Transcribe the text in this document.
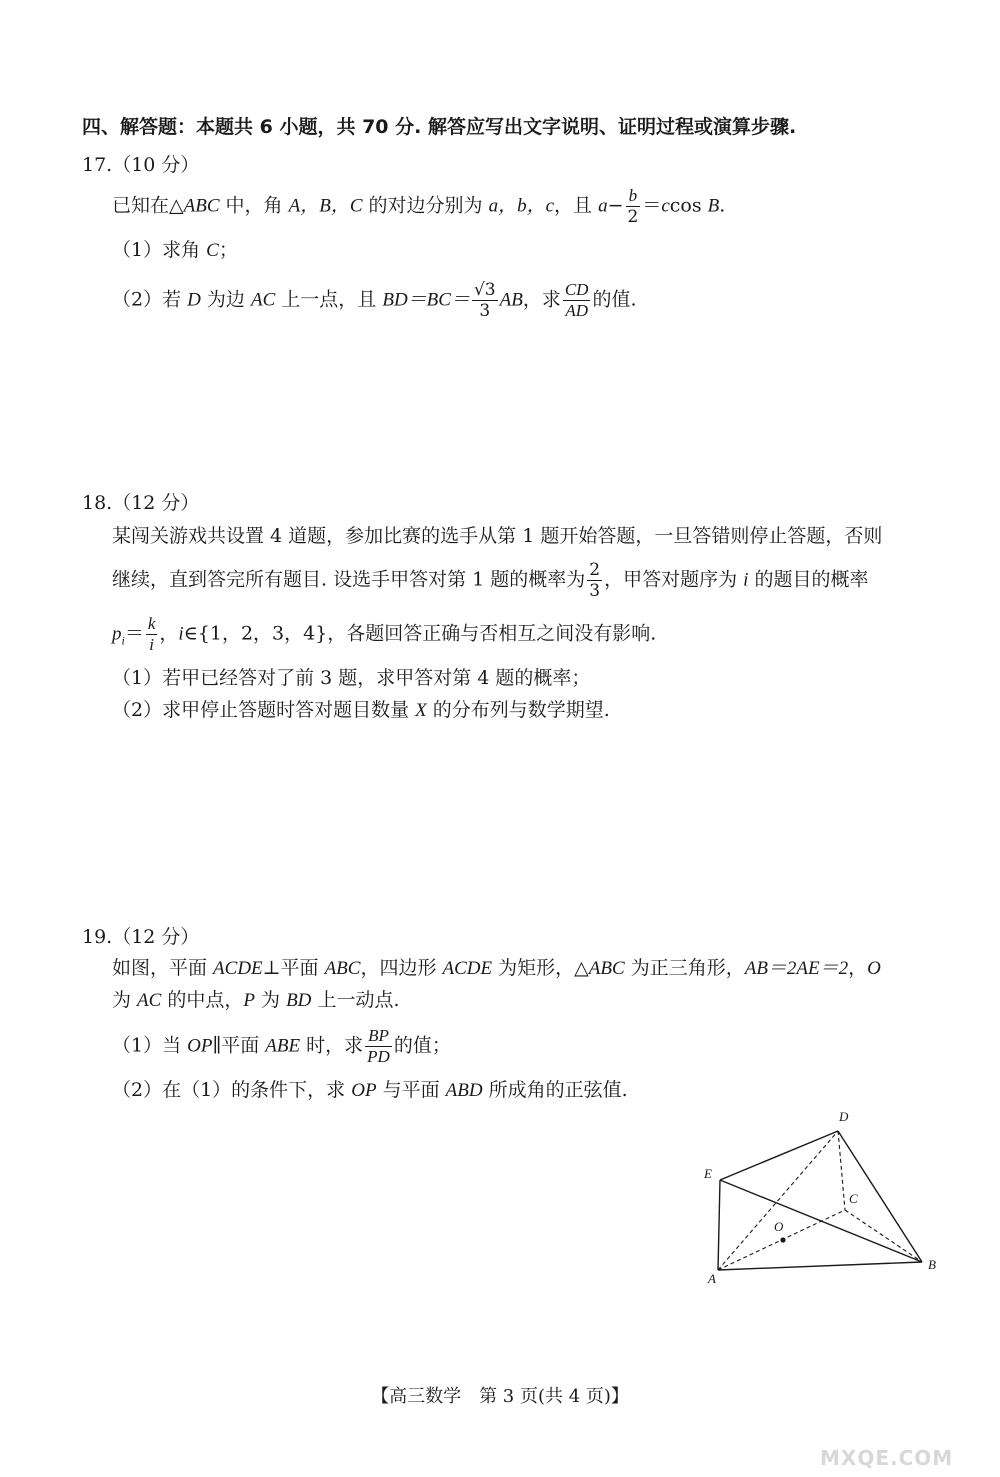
四、解答题：本题共 6 小题，共 70 分. 解答应写出文字说明、证明过程或演算步骤.
17.（10 分）
已知在△ABC 中，角 A，B，C 的对边分别为 a，b，c，且 $a- \frac{b}{2} =ccos$ B.
（1）求角 C；
（2）若 D 为边 AC 上一点，且 $BD=BC= \frac{√3}{3}$ AB，求 $\frac{CD}{AD}$ 的值.
18.（12 分）
某闯关游戏共设置 4 道题，参加比赛的选手从第 1 题开始答题，一旦答错则停止答题，否则
继续，直到答完所有题目. 设选手甲答对第 1 题的概率为 $\frac{2}{3}$ ，甲答对题序为 i 的题目的概率
$p_i= \frac{k}{i}$ ，i∈{1，2，3，4}，各题回答正确与否相互之间没有影响.
（1）若甲已经答对了前 3 题，求甲答对第 4 题的概率；
（2）求甲停止答题时答对题目数量 X 的分布列与数学期望.
19.（12 分）
如图，平面 ACDE⊥平面 ABC，四边形 ACDE 为矩形，△ABC 为正三角形，AB＝2AE＝2，O
为 AC 的中点，P 为 BD 上一动点.
（1）当 OP∥平面 ABE 时，求 $\frac{BP}{PD}$ 的值；
（2）在（1）的条件下，求 OP 与平面 ABD 所成角的正弦值.
D
E
C
O
A
B
【高三数学　第 3 页(共 4 页)】
MXQE.COM
